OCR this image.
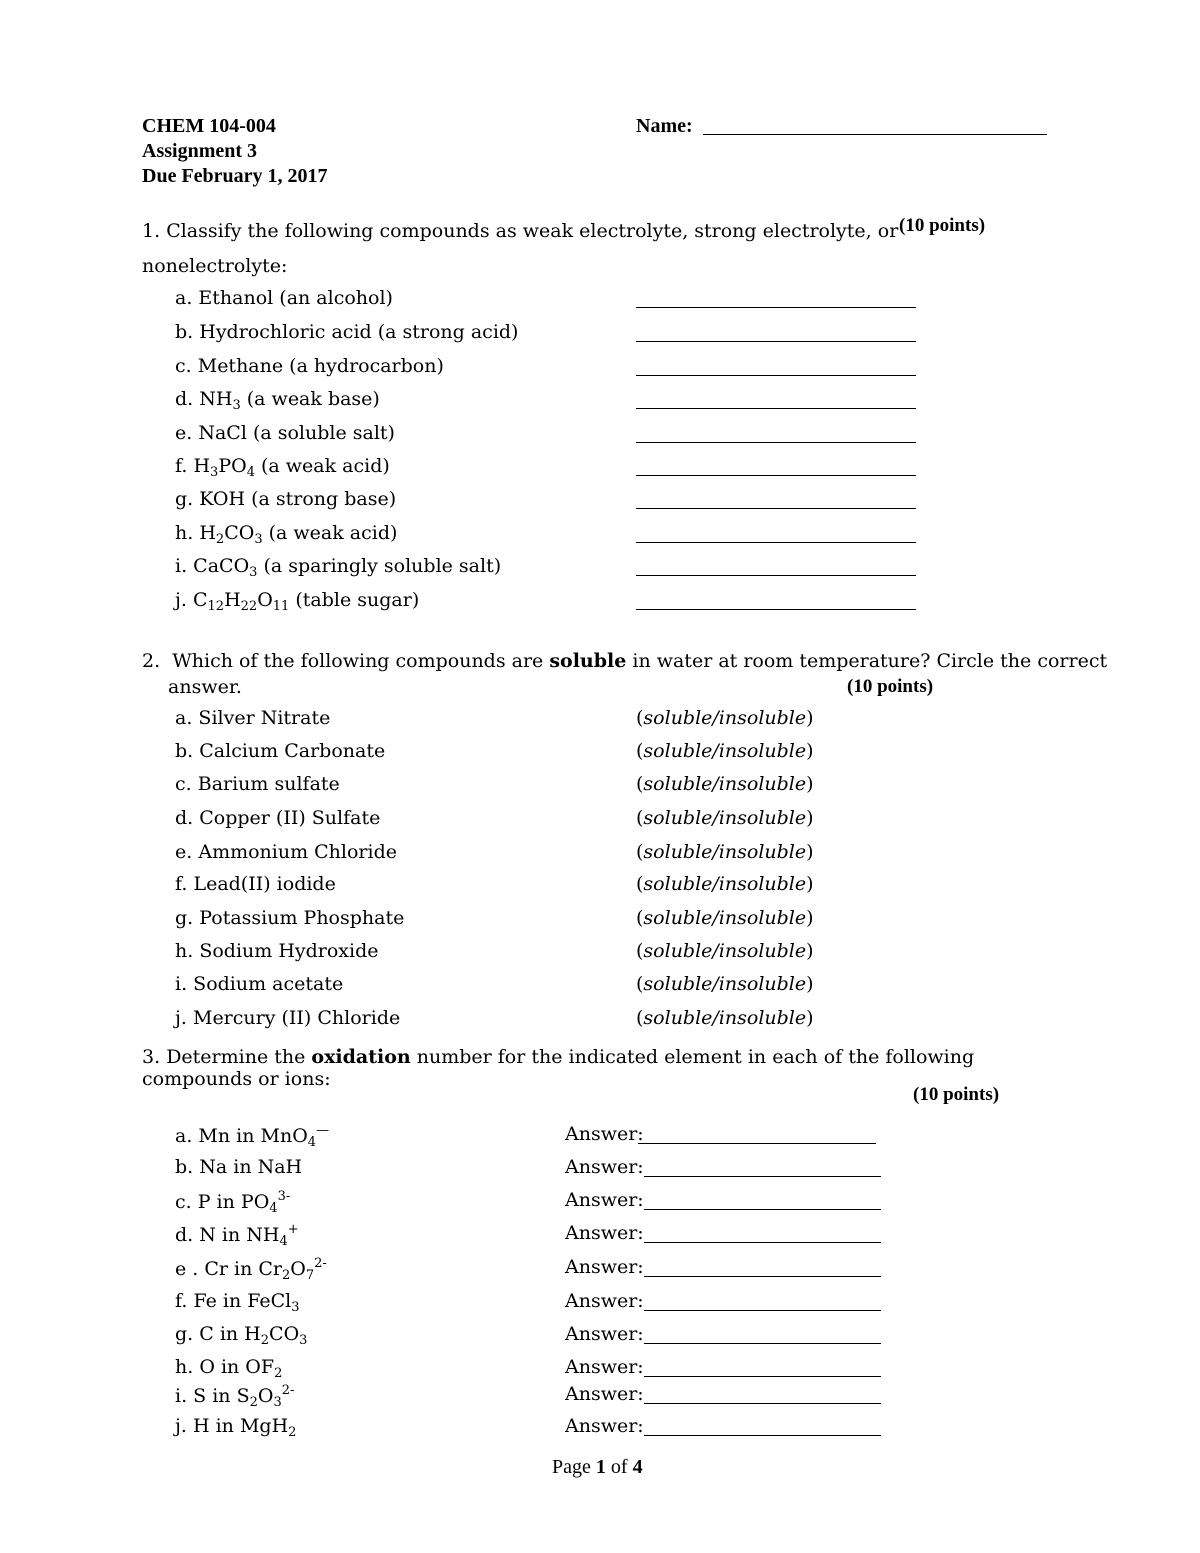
CHEM 104-004
Assignment 3
Due February 1, 2017
Name:
1. Classify the following compounds as weak electrolyte, strong electrolyte, or (10 points)
nonelectrolyte:
a. Ethanol (an alcohol)
b. Hydrochloric acid (a strong acid)
c. Methane (a hydrocarbon)
d. $NH_3$ (a weak base)
e. NaCl (a soluble salt)
f. $H_3PO_4$ (a weak acid)
g. KOH (a strong base)
h. $H_2CO_3$ (a weak acid)
i. CaCO$_3$ (a sparingly soluble salt)
j. $C_{12}H_{22}O_{11}$ (table sugar)
2. Which of the following compounds are soluble in water at room temperature? Circle the correct
answer.	(10 points)
a. Silver Nitrate	(soluble/insoluble)
b. Calcium Carbonate	(soluble/insoluble)
c. Barium sulfate	(soluble/insoluble)
d. Copper (II) Sulfate	(soluble/insoluble)
e. Ammonium Chloride	(soluble/insoluble)
f. Lead(II) iodide	(soluble/insoluble)
g. Potassium Phosphate	(soluble/insoluble)
h. Sodium Hydroxide	(soluble/insoluble)
i. Sodium acetate	(soluble/insoluble)
j. Mercury (II) Chloride	(soluble/insoluble)
3. Determine the oxidation number for the indicated element in each of the following
compounds or ions:
(10 points)
a. Mn in MnO$_4$—	Answer:
b. Na in NaH	Answer:
c. P in $PO_4^{3-}$	Answer:
d. N in $NH_4^+$	Answer:
e . Cr in $Cr_2O_7^{2-}$	Answer:
f. Fe in FeCl$_3$	Answer:
g. C in $H_2CO_3$	Answer:
h. O in $OF_2$	Answer:
i. S in $S_2O_3^{2-}$	Answer:
j. H in MgH$_2$	Answer:
Page 1 of 4
